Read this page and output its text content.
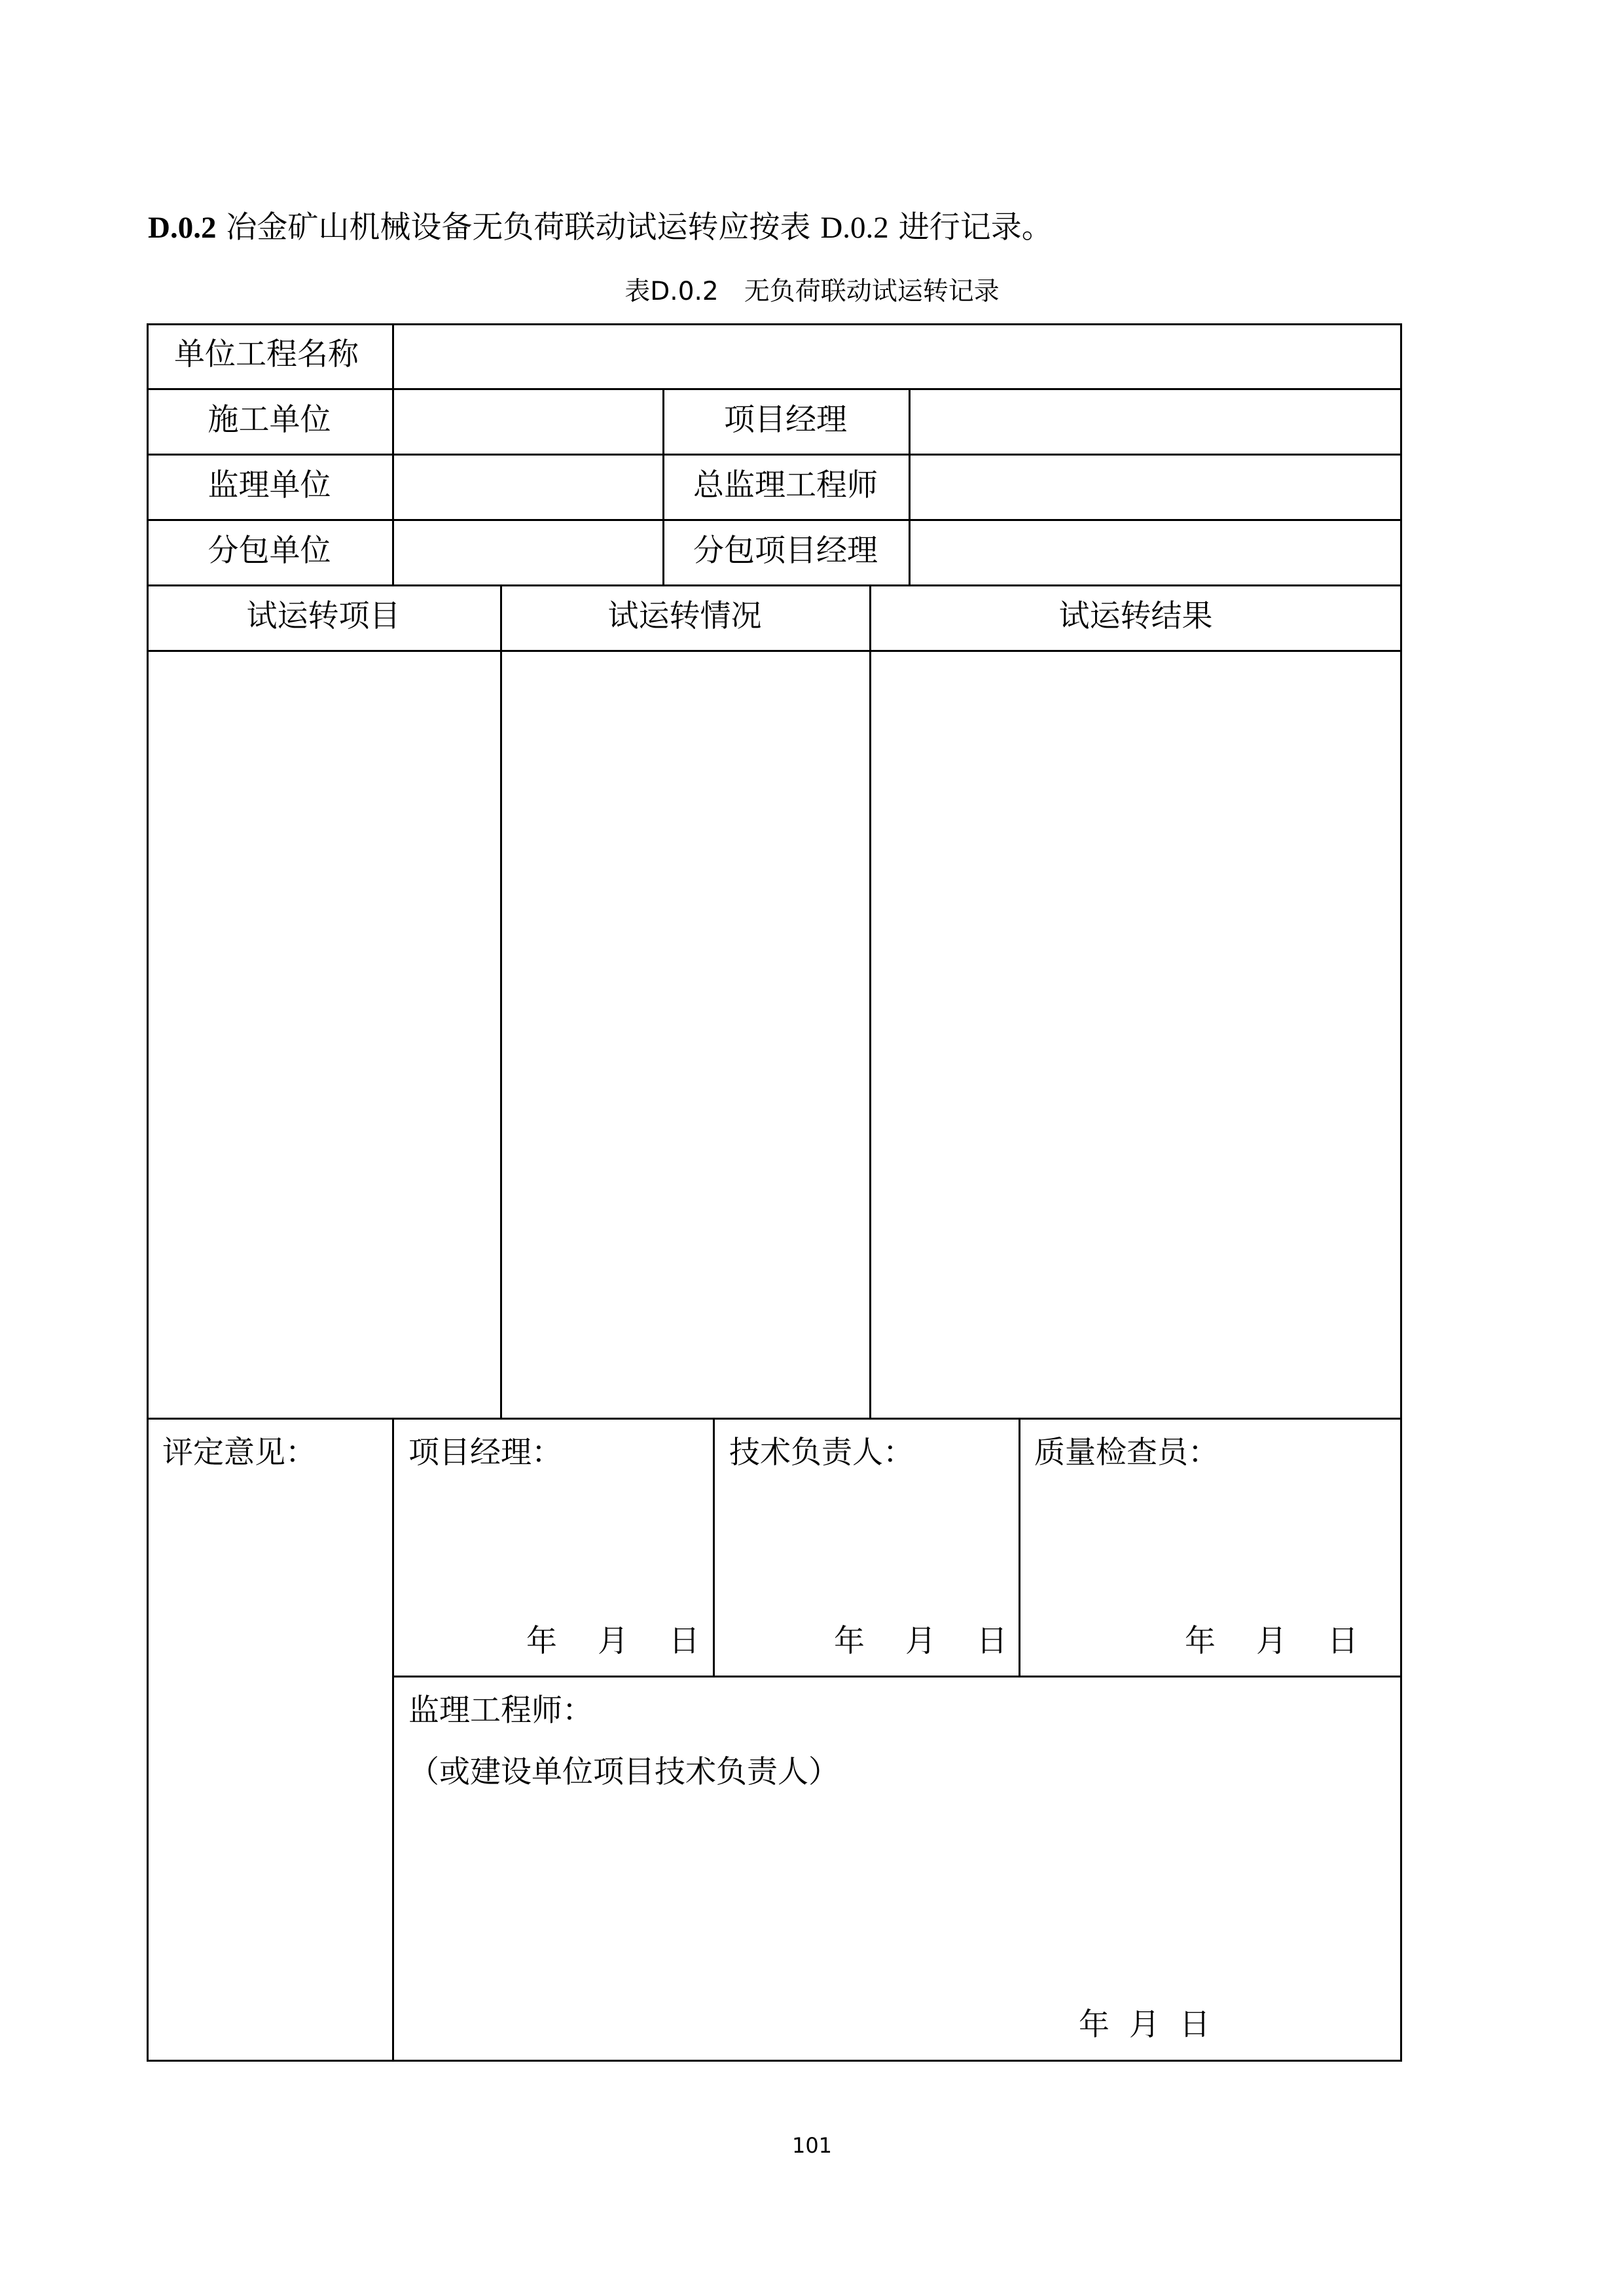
D.0.2 冶金矿山机械设备无负荷联动试运转应按表 D.0.2 进行记录。
表D.0.2　无负荷联动试运转记录
单位工程名称
施工单位	项目经理
监理单位	总监理工程师
分包单位	分包项目经理
试运转项目	试运转情况	试运转结果
评定意见：	项目经理：
年　 月　 日
技术负责人：
年　 月　 日
质量检查员：
年　 月　 日
监理工程师：
（或建设单位项目技术负责人）
年  月  日
101
